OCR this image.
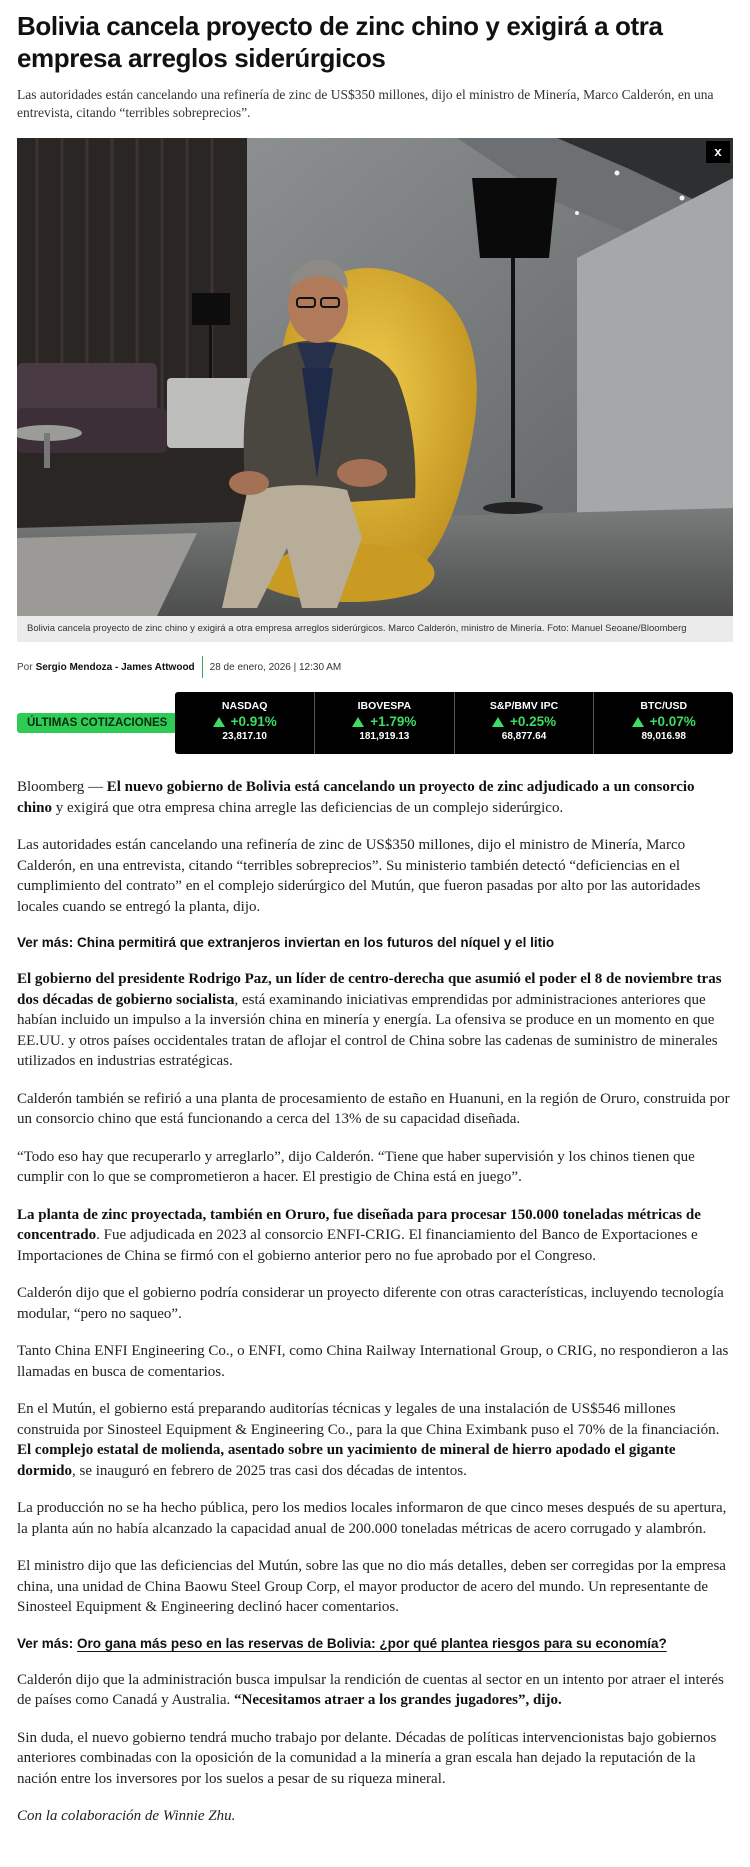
Bolivia cancela proyecto de zinc chino y exigirá a otra empresa arreglos siderúrgicos

Las autoridades están cancelando una refinería de zinc de US$350 millones, dijo el ministro de Minería, Marco Calderón, en una entrevista, citando “terribles sobreprecios”.

x
Bolivia cancela proyecto de zinc chino y exigirá a otra empresa arreglos siderúrgicos. Marco Calderón, ministro de Minería. Foto: Manuel Seoane/Bloomberg
Por Sergio Mendoza - James Attwood 28 de enero, 2026 | 12:30 AM
ÚLTIMAS COTIZACIONES
NASDAQ
+0.91%
23,817.10
IBOVESPA
+1.79%
181,919.13
S&P/BMV IPC
+0.25%
68,877.64
BTC/USD
+0.07%
89,016.98

Bloomberg — El nuevo gobierno de Bolivia está cancelando un proyecto de zinc adjudicado a un consorcio chino y exigirá que otra empresa china arregle las deficiencias de un complejo siderúrgico.

Las autoridades están cancelando una refinería de zinc de US$350 millones, dijo el ministro de Minería, Marco Calderón, en una entrevista, citando “terribles sobreprecios”. Su ministerio también detectó “deficiencias en el cumplimiento del contrato” en el complejo siderúrgico del Mutún, que fueron pasadas por alto por las autoridades locales cuando se entregó la planta, dijo.

Ver más: China permitirá que extranjeros inviertan en los futuros del níquel y el litio

El gobierno del presidente Rodrigo Paz, un líder de centro-derecha que asumió el poder el 8 de noviembre tras dos décadas de gobierno socialista, está examinando iniciativas emprendidas por administraciones anteriores que habían incluido un impulso a la inversión china en minería y energía. La ofensiva se produce en un momento en que EE.UU. y otros países occidentales tratan de aflojar el control de China sobre las cadenas de suministro de minerales utilizados en industrias estratégicas.

Calderón también se refirió a una planta de procesamiento de estaño en Huanuni, en la región de Oruro, construida por un consorcio chino que está funcionando a cerca del 13% de su capacidad diseñada.

“Todo eso hay que recuperarlo y arreglarlo”, dijo Calderón. “Tiene que haber supervisión y los chinos tienen que cumplir con lo que se comprometieron a hacer. El prestigio de China está en juego”.

La planta de zinc proyectada, también en Oruro, fue diseñada para procesar 150.000 toneladas métricas de concentrado. Fue adjudicada en 2023 al consorcio ENFI-CRIG. El financiamiento del Banco de Exportaciones e Importaciones de China se firmó con el gobierno anterior pero no fue aprobado por el Congreso.

Calderón dijo que el gobierno podría considerar un proyecto diferente con otras características, incluyendo tecnología modular, “pero no saqueo”.

Tanto China ENFI Engineering Co., o ENFI, como China Railway International Group, o CRIG, no respondieron a las llamadas en busca de comentarios.

En el Mutún, el gobierno está preparando auditorías técnicas y legales de una instalación de US$546 millones construida por Sinosteel Equipment & Engineering Co., para la que China Eximbank puso el 70% de la financiación. El complejo estatal de molienda, asentado sobre un yacimiento de mineral de hierro apodado el gigante dormido, se inauguró en febrero de 2025 tras casi dos décadas de intentos.

La producción no se ha hecho pública, pero los medios locales informaron de que cinco meses después de su apertura, la planta aún no había alcanzado la capacidad anual de 200.000 toneladas métricas de acero corrugado y alambrón.

El ministro dijo que las deficiencias del Mutún, sobre las que no dio más detalles, deben ser corregidas por la empresa china, una unidad de China Baowu Steel Group Corp, el mayor productor de acero del mundo. Un representante de Sinosteel Equipment & Engineering declinó hacer comentarios.

Ver más: Oro gana más peso en las reservas de Bolivia: ¿por qué plantea riesgos para su economía?

Calderón dijo que la administración busca impulsar la rendición de cuentas al sector en un intento por atraer el interés de países como Canadá y Australia. “Necesitamos atraer a los grandes jugadores”, dijo.

Sin duda, el nuevo gobierno tendrá mucho trabajo por delante. Décadas de políticas intervencionistas bajo gobiernos anteriores combinadas con la oposición de la comunidad a la minería a gran escala han dejado la reputación de la nación entre los inversores por los suelos a pesar de su riqueza mineral.

Con la colaboración de Winnie Zhu.
